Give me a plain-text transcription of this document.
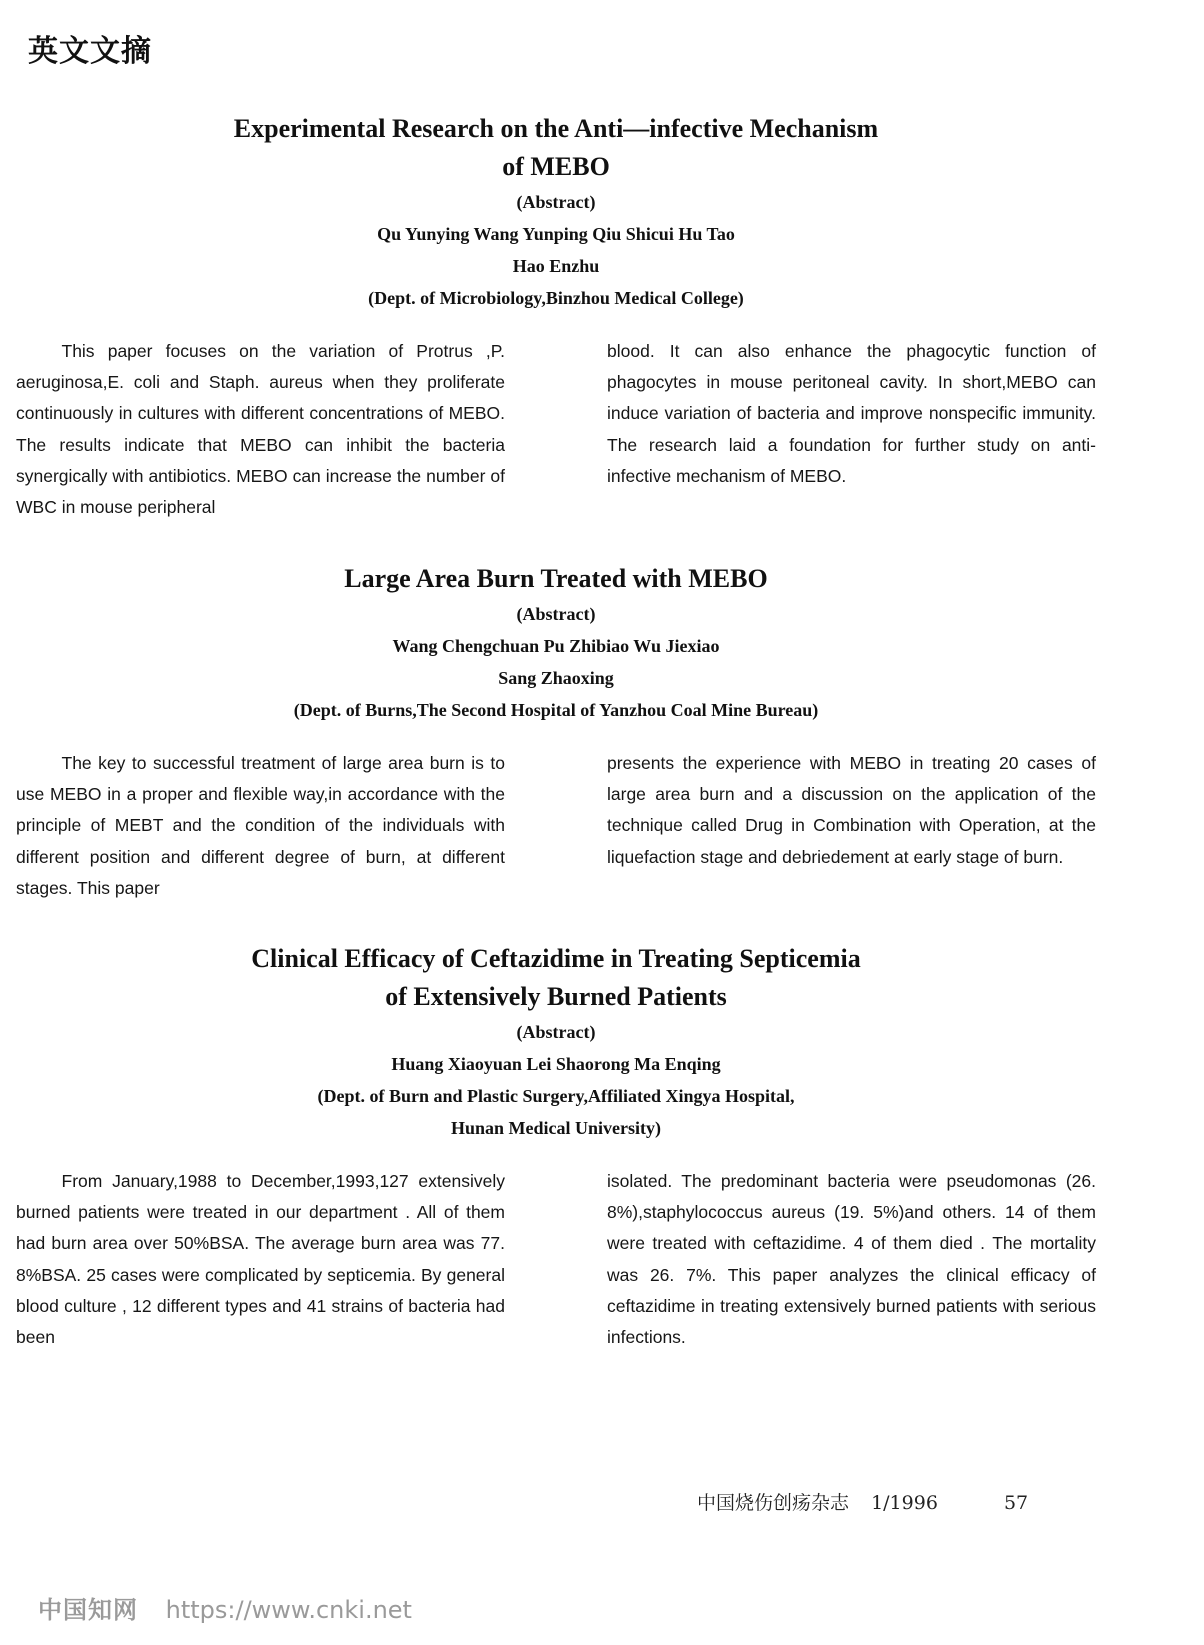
英文文摘
Experimental Research on the Anti—infective Mechanism
of MEBO
(Abstract)
Qu Yunying Wang Yunping Qiu Shicui Hu Tao
Hao Enzhu
(Dept. of Microbiology,Binzhou Medical College)

This paper focuses on the variation of Protrus ,P. aeruginosa,E. coli and Staph. aureus when they proliferate continuously in cultures with different concentrations of MEBO. The results indicate that MEBO can inhibit the bacteria synergically with antibiotics. MEBO can increase the number of WBC in mouse peripheral

blood. It can also enhance the phagocytic function of phagocytes in mouse peritoneal cavity. In short,MEBO can induce variation of bacteria and improve nonspecific immunity. The research laid a foundation for further study on anti-infective mechanism of MEBO.

Large Area Burn Treated with MEBO
(Abstract)
Wang Chengchuan Pu Zhibiao Wu Jiexiao
Sang Zhaoxing
(Dept. of Burns,The Second Hospital of Yanzhou Coal Mine Bureau)

The key to successful treatment of large area burn is to use MEBO in a proper and flexible way,in accordance with the principle of MEBT and the condition of the individuals with different position and different degree of burn, at different stages. This paper

presents the experience with MEBO in treating 20 cases of large area burn and a discussion on the application of the technique called Drug in Combination with Operation, at the liquefaction stage and debriedement at early stage of burn.

Clinical Efficacy of Ceftazidime in Treating Septicemia
of Extensively Burned Patients
(Abstract)
Huang Xiaoyuan Lei Shaorong Ma Enqing
(Dept. of Burn and Plastic Surgery,Affiliated Xingya Hospital,
Hunan Medical University)

From January,1988 to December,1993,127 extensively burned patients were treated in our department . All of them had burn area over 50%BSA. The average burn area was 77. 8%BSA. 25 cases were complicated by septicemia. By general blood culture , 12 different types and 41 strains of bacteria had been

isolated. The predominant bacteria were pseudomonas (26. 8%),staphylococcus aureus (19. 5%)and others. 14 of them were treated with ceftazidime. 4 of them died . The mortality was 26. 7%. This paper analyzes the clinical efficacy of ceftazidime in treating extensively burned patients with serious infections.

中国烧伤创疡杂志 1/1996	57
中国知网 https://www.cnki.net
